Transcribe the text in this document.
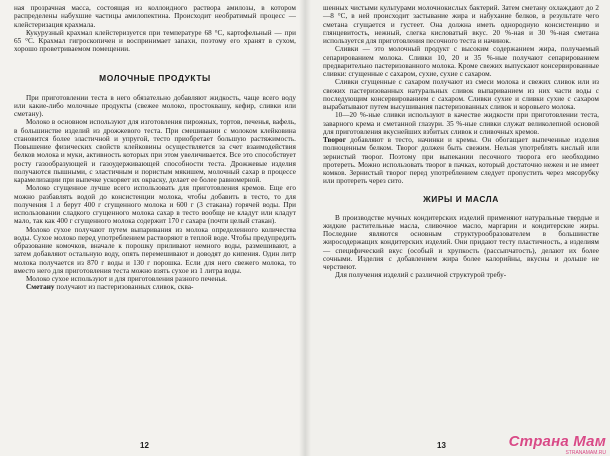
ная прозрачная масса, состоящая из коллоидного раствора амилозы, в котором распределены набухшие частицы амилопектина. Происходит необратимый процесс — клейстеризация крахмала.

Кукурузный крахмал клейстеризуется при температуре 68 °С, картофельный — при 65 °С. Крахмал гигроскопичен и воспринимает запахи, поэтому его хранят в сухом, хорошо проветриваемом помещении.

МОЛОЧНЫЕ ПРОДУКТЫ

При приготовлении теста в него обязательно добавляют жидкость, чаще всего воду или какие-либо молочные продукты (свежее молоко, простоквашу, кефир, сливки или сметану).

Молоко в основном используют для изготовления пирожных, тортов, печенья, вафель, в большинстве изделий из дрожжевого теста. При смешивании с молоком клейковина становится более эластичной и упругой, тесто приобретает большую растяжимость. Повышение физических свойств клейковины осуществляется за счет взаимодействия белков молока и муки, активность которых при этом увеличивается. Все это способствует росту газообразующей и газоудерживающей способности теста. Дрожжевые изделия получаются пышными, с эластичным и пористым мякишем, молочный сахар в процессе карамелизации при выпечке ускоряет их окраску, делает ее более равномерной.

Молоко сгущенное лучше всего использовать для приготовления кремов. Еще его можно разбавлять водой до консистенции молока, чтобы добавить в тесто, то для получения 1 л берут 400 г сгущенного молока и 600 г (3 стакана) горячей воды. При использовании сладкого сгущенного молока сахар в тесто вообще не кладут или кладут мало, так как 400 г сгущенного молока содержит 170 г сахара (почти целый стакан).

Молоко сухое получают путем выпаривания из молока определенного количества воды. Сухое молоко перед употреблением растворяют в теплой воде. Чтобы предупредить образование комочков, вначале к порошку приливают немного воды, размешивают, а затем добавляют остальную воду, опять перемешивают и доводят до кипения. Один литр молока получается из 870 г воды и 130 г порошка. Если для него свежего молока, то вместо него для приготовления теста можно взять сухое из 1 литра воды.

Молоко сухое используют и для приготовления разного печенья.

Сметану получают из пастеризованных сливок, сква-

12

шенных чистыми культурами молочнокислых бактерий. Затем сметану охлаждают до 2—8 °С, в ней происходит застывание жира и набухание белков, в результате чего сметана сгущается и густеет. Она должна иметь однородную консистенцию и глянцевитость, нежный, слегка кисловатый вкус. 20 %-ная и 30 %-ная сметана используется для приготовления песочного теста и начинок.

Сливки — это молочный продукт с высоким содержанием жира, получаемый сепарированием молока. Сливки 10, 20 и 35 %-ные получают сепарированием предварительно пастеризованного молока. Кроме свежих выпускают консервированные сливки: сгущенные с сахаром, сухие, сухие с сахаром.

Сливки сгущенные с сахаром получают из смеси молока и свежих сливок или из свежих пастеризованных натуральных сливок выпариванием из них части воды с последующим консервированием с сахаром. Сливки сухие и сливки сухие с сахаром вырабатывают путем высушивания пастеризованных сливок и коровьего молока.

10—20 %-ные сливки используют в качестве жидкости при приготовлении теста, заварного крема и сметанной глазури. 35 %-ные сливки служат великолепной основой для приготовления вкуснейших взбитых сливок и сливочных кремов.

Творог добавляют в тесто, начинки и кремы. Он обогащает выпеченные изделия полноценным белком. Творог должен быть свежим. Нельзя употреблять кислый или зернистый творог. Поэтому при выпекании песочного творога его необходимо протереть. Можно использовать творог в пачках, который достаточно нежен и не имеет комков. Зернистый творог перед употреблением следует пропустить через мясорубку или протереть через сито.

ЖИРЫ И МАСЛА

В производстве мучных кондитерских изделий применяют натуральные твердые и жидкие растительные масла, сливочное масло, маргарин и кондитерские жиры. Последние являются основным структурообразователем в большинстве жиросодержащих кондитерских изделий. Они придают тесту пластичность, а изделиям — специфический вкус (особый и хрупкость (рассыпчатость), делают их более сочными. Изделия с добавлением жира более калорийны, вкусны и дольше не черствеют.

Для получения изделий с различной структурой требу-

13	Страна Мам
STRANAMAM.RU
